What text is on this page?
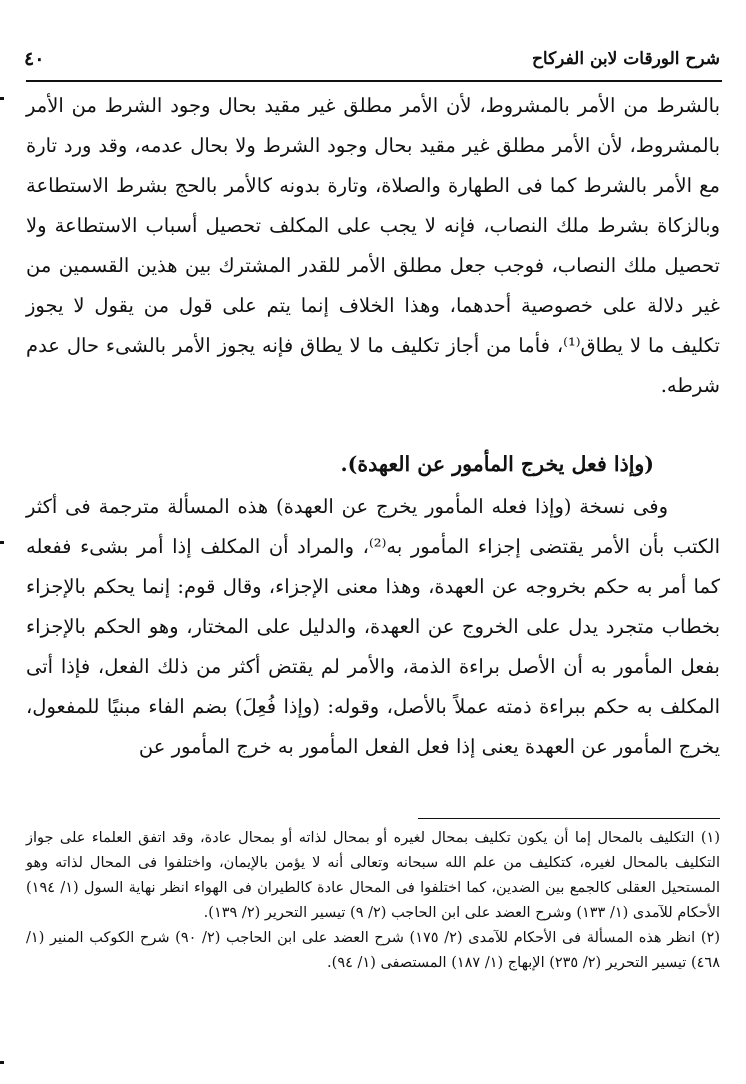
شرح الورقات لابن الفركاح
٤٠

بالشرط من الأمر بالمشروط، لأن الأمر مطلق غير مقيد بحال وجود الشرط من الأمر بالمشروط، لأن الأمر مطلق غير مقيد بحال وجود الشرط ولا بحال عدمه، وقد ورد تارة مع الأمر بالشرط كما فى الطهارة والصلاة، وتارة بدونه كالأمر بالحج بشرط الاستطاعة وبالزكاة بشرط ملك النصاب، فإنه لا يجب على المكلف تحصيل أسباب الاستطاعة ولا تحصيل ملك النصاب، فوجب جعل مطلق الأمر للقدر المشترك بين هذين القسمين من غير دلالة على خصوصية أحدهما، وهذا الخلاف إنما يتم على قول من يقول لا يجوز تكليف ما لا يطاق⁽¹⁾، فأما من أجاز تكليف ما لا يطاق فإنه يجوز الأمر بالشىء حال عدم شرطه.

(وإذا فعل يخرج المأمور عن العهدة).

وفى نسخة (وإذا فعله المأمور يخرج عن العهدة) هذه المسألة مترجمة فى أكثر الكتب بأن الأمر يقتضى إجزاء المأمور به⁽²⁾، والمراد أن المكلف إذا أمر بشىء ففعله كما أمر به حكم بخروجه عن العهدة، وهذا معنى الإجزاء، وقال قوم: إنما يحكم بالإجزاء بخطاب متجرد يدل على الخروج عن العهدة، والدليل على المختار، وهو الحكم بالإجزاء بفعل المأمور به أن الأصل براءة الذمة، والأمر لم يقتض أكثر من ذلك الفعل، فإذا أتى المكلف به حكم ببراءة ذمته عملاً بالأصل، وقوله: (وإذا فُعِلَ) بضم الفاء مبنيًا للمفعول، يخرج المأمور عن العهدة يعنى إذا فعل الفعل المأمور به خرج المأمور عن

(١) التكليف بالمحال إما أن يكون تكليف بمحال لغيره أو بمحال لذاته أو بمحال عادة، وقد اتفق العلماء على جواز التكليف بالمحال لغيره، كتكليف من علم الله سبحانه وتعالى أنه لا يؤمن بالإيمان، واختلفوا فى المحال لذاته وهو المستحيل العقلى كالجمع بين الضدين، كما اختلفوا فى المحال عادة كالطيران فى الهواء انظر نهاية السول (١/ ١٩٤) الأحكام للآمدى (١/ ١٣٣) وشرح العضد على ابن الحاجب (٢/ ٩) تيسير التحرير (٢/ ١٣٩).

(٢) انظر هذه المسألة فى الأحكام للآمدى (٢/ ١٧٥) شرح العضد على ابن الحاجب (٢/ ٩٠) شرح الكوكب المنير (١/ ٤٦٨) تيسير التحرير (٢/ ٢٣٥) الإبهاج (١/ ١٨٧) المستصفى (١/ ٩٤).
